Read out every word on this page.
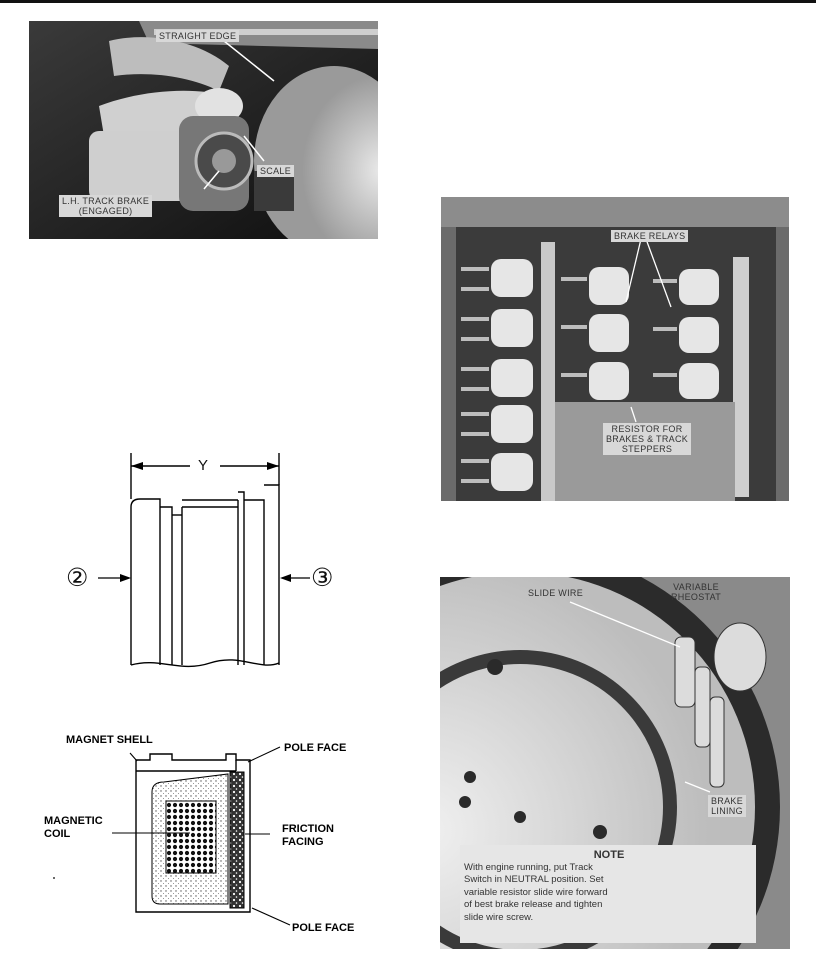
STRAIGHT EDGE
SCALE
L.H. TRACK BRAKE
(ENGAGED)
BRAKE RELAYS
RESISTOR FOR
BRAKES & TRACK
STEPPERS
SLIDE WIRE
VARIABLE
RHEOSTAT
BRAKE
LINING
NOTE
With engine running, put Track
Switch in NEUTRAL position. Set
variable resistor slide wire forward
of best brake release and tighten
slide wire screw.
Y
②	③
MAGNET SHELL
POLE FACE
MAGNETIC
COIL	FRICTION
FACING
POLE FACE
